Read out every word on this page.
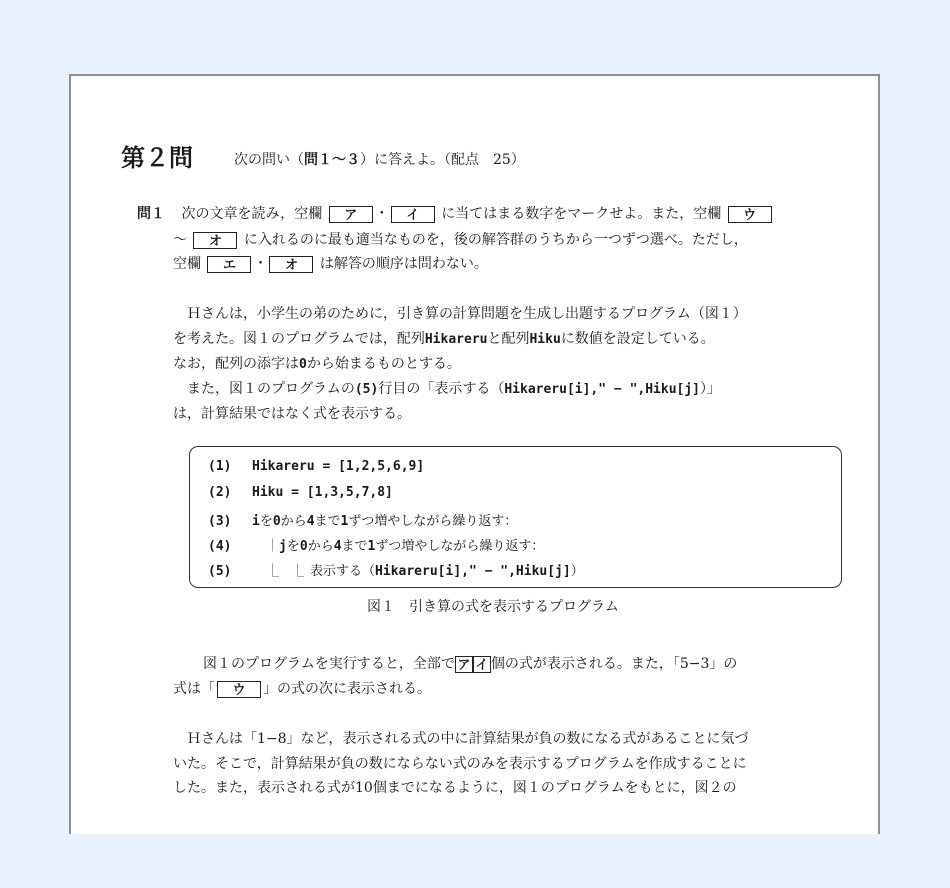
第２問	次の問い（問１～３）に答えよ。（配点　25）
問１ 次の文章を読み，空欄 ア ・ イ に当てはまる数字をマークせよ。また，空欄 ウ
～ オ に入れるのに最も適当なものを，後の解答群のうちから一つずつ選べ。ただし，
空欄 エ ・ オ は解答の順序は問わない。
Ｈさんは，小学生の弟のために，引き算の計算問題を生成し出題するプログラム（図１）
を考えた。図１のプログラムでは，配列Hikareruと配列Hikuに数値を設定している。
なお，配列の添字は0から始まるものとする。
また，図１のプログラムの(5)行目の「表示する（Hikareru[i]," − ",Hiku[j]）」
は，計算結果ではなく式を表示する。
(1) Hikareru = [1,2,5,6,9]
(2) Hiku = [1,3,5,7,8]
(3) iを0から4まで1ずつ増やしながら繰り返す：
(4)	｜jを0から4まで1ずつ増やしながら繰り返す：
(5)	⎿ ⎿ 表示する（Hikareru[i]," − ",Hiku[j]）
図１　引き算の式を表示するプログラム
図１のプログラムを実行すると，全部で ア イ 個の式が表示される。また，「5−3」の
式は「 ウ 」の式の次に表示される。
Ｈさんは「1−8」など，表示される式の中に計算結果が負の数になる式があることに気づ
いた。そこで，計算結果が負の数にならない式のみを表示するプログラムを作成することに
した。また，表示される式が10個までになるように，図１のプログラムをもとに，図２の
